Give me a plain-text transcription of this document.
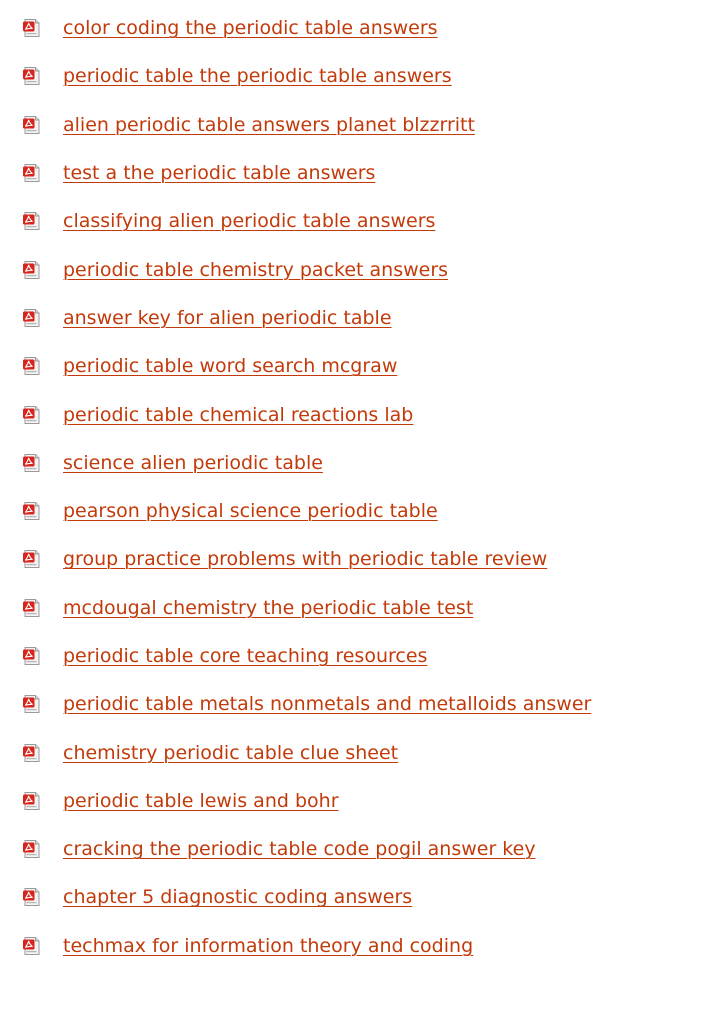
color coding the periodic table answers
periodic table the periodic table answers
alien periodic table answers planet blzzrritt
test a the periodic table answers
classifying alien periodic table answers
periodic table chemistry packet answers
answer key for alien periodic table
periodic table word search mcgraw
periodic table chemical reactions lab
science alien periodic table
pearson physical science periodic table
group practice problems with periodic table review
mcdougal chemistry the periodic table test
periodic table core teaching resources
periodic table metals nonmetals and metalloids answer
chemistry periodic table clue sheet
periodic table lewis and bohr
cracking the periodic table code pogil answer key
chapter 5 diagnostic coding answers
techmax for information theory and coding
